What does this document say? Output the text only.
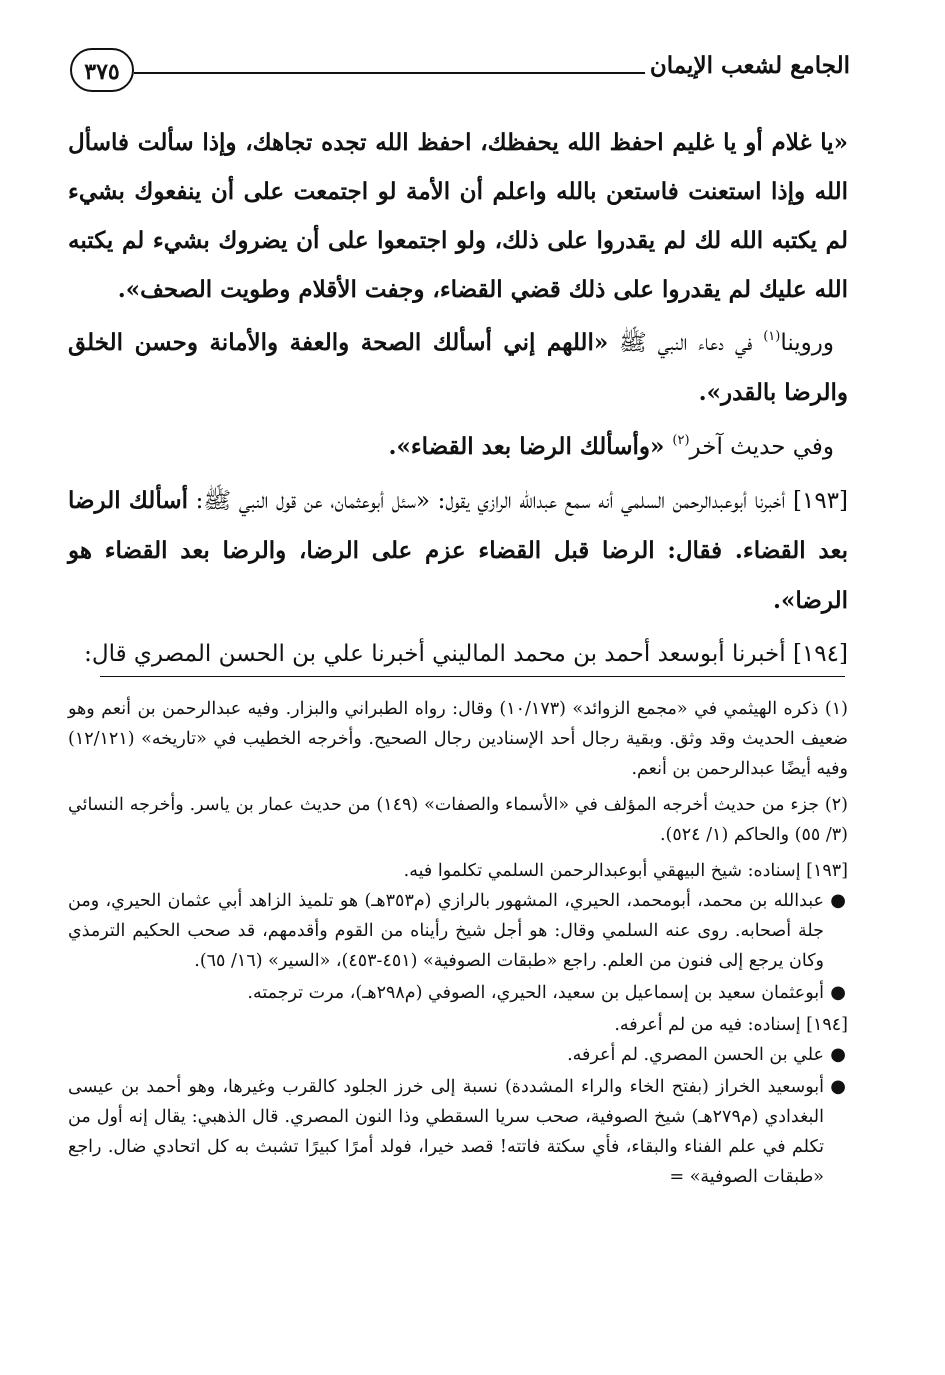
٣٧٥	الجامع لشعب الإيمان

«يا غلام أو يا غليم احفظ الله يحفظك، احفظ الله تجده تجاهك، وإذا سألت فاسأل الله وإذا استعنت فاستعن بالله واعلم أن الأمة لو اجتمعت على أن ينفعوك بشيء لم يكتبه الله لك لم يقدروا على ذلك، ولو اجتمعوا على أن يضروك بشيء لم يكتبه الله عليك لم يقدروا على ذلك قضي القضاء، وجفت الأقلام وطويت الصحف».

وروينا$^{(١)}$ في دعاء النبي ﷺ «اللهم إني أسألك الصحة والعفة والأمانة وحسن الخلق والرضا بالقدر».

وفي حديث آخر$^{(٢)}$ «وأسألك الرضا بعد القضاء».

[١٩٣] أخبرنا أبوعبدالرحمن السلمي أنه سمع عبدالله الرازي يقول: «سئل أبوعثمان، عن قول النبي ﷺ: أسألك الرضا بعد القضاء. فقال: الرضا قبل القضاء عزم على الرضا، والرضا بعد القضاء هو الرضا».

[١٩٤] أخبرنا أبوسعد أحمد بن محمد الماليني أخبرنا علي بن الحسن المصري قال:

(١) ذكره الهيثمي في «مجمع الزوائد» (١٠/١٧٣) وقال: رواه الطبراني والبزار. وفيه عبدالرحمن بن أنعم وهو ضعيف الحديث وقد وثق. وبقية رجال أحد الإسنادين رجال الصحيح. وأخرجه الخطيب في «تاريخه» (١٢/١٢١) وفيه أيضًا عبدالرحمن بن أنعم.

(٢) جزء من حديث أخرجه المؤلف في «الأسماء والصفات» (١٤٩) من حديث عمار بن ياسر. وأخرجه النسائي (٣/ ٥٥) والحاكم (١/ ٥٢٤).

[١٩٣] إسناده: شيخ البيهقي أبوعبدالرحمن السلمي تكلموا فيه.

●
عبدالله بن محمد، أبومحمد، الحيري، المشهور بالرازي (م٣٥٣هـ) هو تلميذ الزاهد أبي عثمان الحيري، ومن جلة أصحابه. روى عنه السلمي وقال: هو أجل شيخ رأيناه من القوم وأقدمهم، قد صحب الحكيم الترمذي وكان يرجع إلى فنون من العلم. راجع «طبقات الصوفية» (٤٥١-٤٥٣)، «السير» (١٦/ ٦٥).
●
أبوعثمان سعيد بن إسماعيل بن سعيد، الحيري، الصوفي (م٢٩٨هـ)، مرت ترجمته.

[١٩٤] إسناده: فيه من لم أعرفه.

●
علي بن الحسن المصري. لم أعرفه.
●
أبوسعيد الخراز (بفتح الخاء والراء المشددة) نسبة إلى خرز الجلود كالقرب وغيرها، وهو أحمد بن عيسى البغدادي (م٢٧٩هـ) شيخ الصوفية، صحب سريا السقطي وذا النون المصري. قال الذهبي: يقال إنه أول من تكلم في علم الفناء والبقاء، فأي سكتة فاتته! قصد خيرا، فولد أمرًا كبيرًا تشبث به كل اتحادي ضال. راجع «طبقات الصوفية» =
